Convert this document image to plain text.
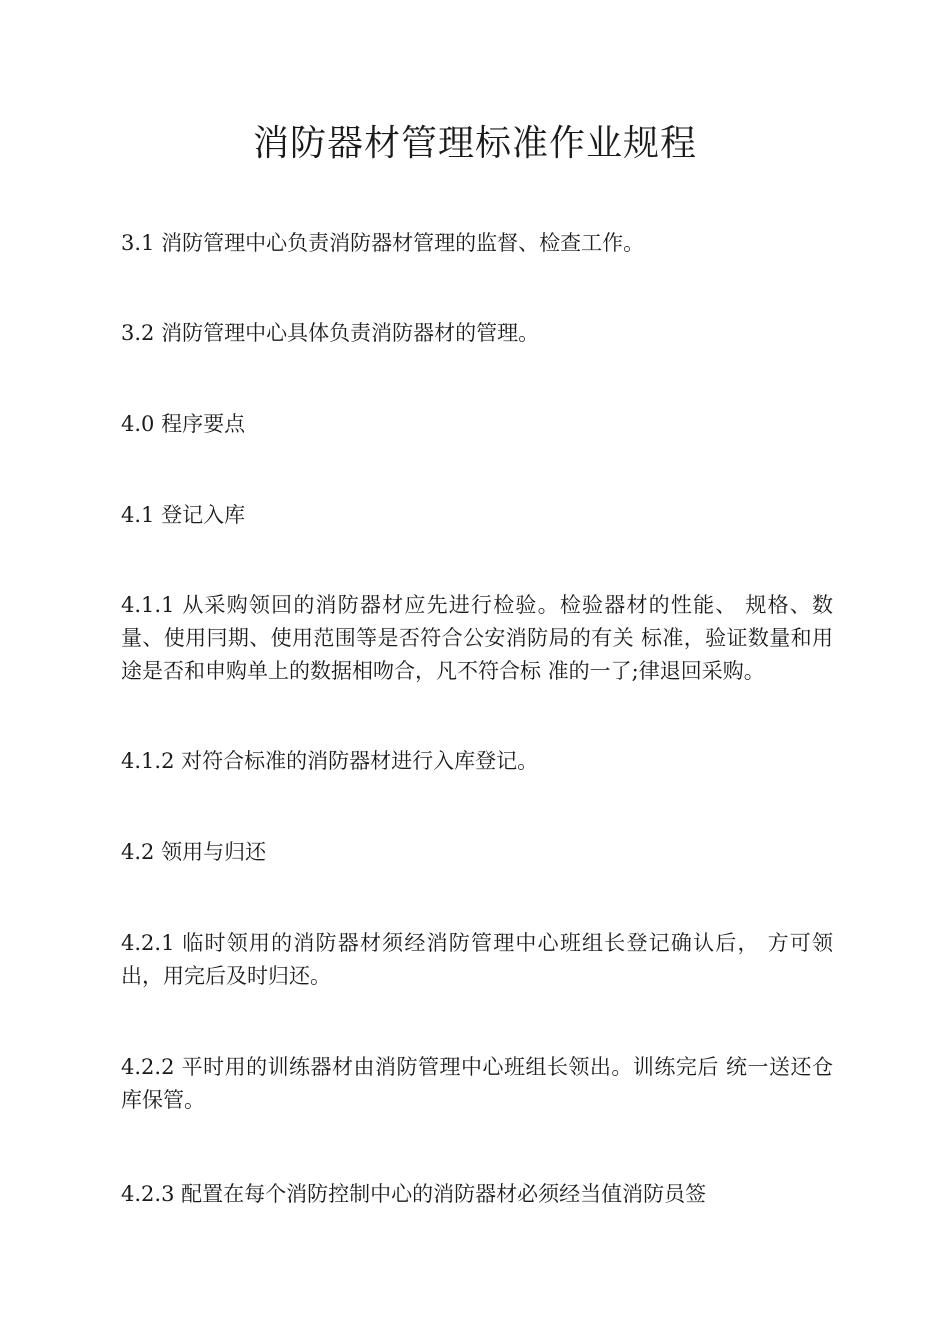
消防器材管理标准作业规程

3.1 消防管理中心负责消防器材管理的监督、检查工作。

3.2 消防管理中心具体负责消防器材的管理。

4.0 程序要点

4.1 登记入库

4.1.1 从采购领回的消防器材应先进行检验。检验器材的性能、 规格、数量、使用冃期、使用范围等是否符合公安消防局的有关 标准，验证数量和用途是否和申购单上的数据相吻合，凡不符合标 准的一了;律退回采购。

4.1.2 对符合标准的消防器材进行入库登记。

4.2 领用与归还

4.2.1 临时领用的消防器材须经消防管理中心班组长登记确认后， 方可领出，用完后及时归还。

4.2.2 平时用的训练器材由消防管理中心班组长领出。训练完后 统一送还仓库保管。

4.2.3 配置在每个消防控制中心的消防器材必须经当值消防员签
